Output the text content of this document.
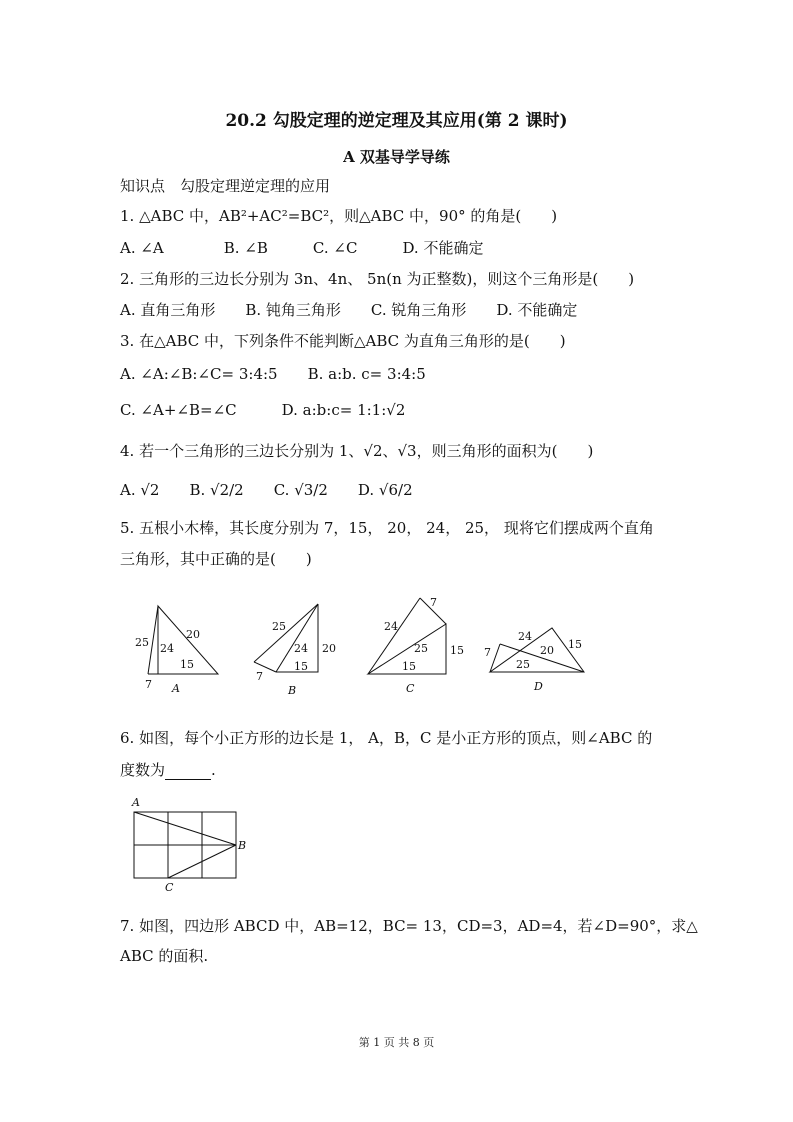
20.2 勾股定理的逆定理及其应用(第 2 课时)
A 双基导学导练
知识点　勾股定理逆定理的应用
1. △ABC 中，AB²+AC²=BC²，则△ABC 中，90° 的角是(　　)
A. ∠A　　　　B. ∠B　　　C. ∠C　　　D. 不能确定
2. 三角形的三边长分别为 3n、4n、 5n(n 为正整数)，则这个三角形是(　　)
A. 直角三角形　　B. 钝角三角形　　C. 锐角三角形　　D. 不能确定
3. 在△ABC 中，下列条件不能判断△ABC 为直角三角形的是(　　)
A. ∠A:∠B:∠C= 3:4:5　　B. a:b. c= 3:4:5
C. ∠A+∠B=∠C　　　D. a:b:c= 1:1:√2
4. 若一个三角形的三边长分别为 1、√2、√3，则三角形的面积为(　　)
A. √2　　B. √2/2　　C. √3/2　　D. √6/2
5. 五根小木棒，其长度分别为 7，15， 20， 24， 25， 现将它们摆成两个直角
三角形，其中正确的是(　　)
25 24
20
15
7 A
25
24 20
15
7
B
7
24
25 15
15
C
24
15
7	20
25
D
6. 如图，每个小正方形的边长是 1， A，B，C 是小正方形的顶点，则∠ABC 的
度数为	.
A
B
C
7. 如图，四边形 ABCD 中，AB=12，BC= 13，CD=3，AD=4，若∠D=90°，求△
ABC 的面积.
第 1 页 共 8 页
